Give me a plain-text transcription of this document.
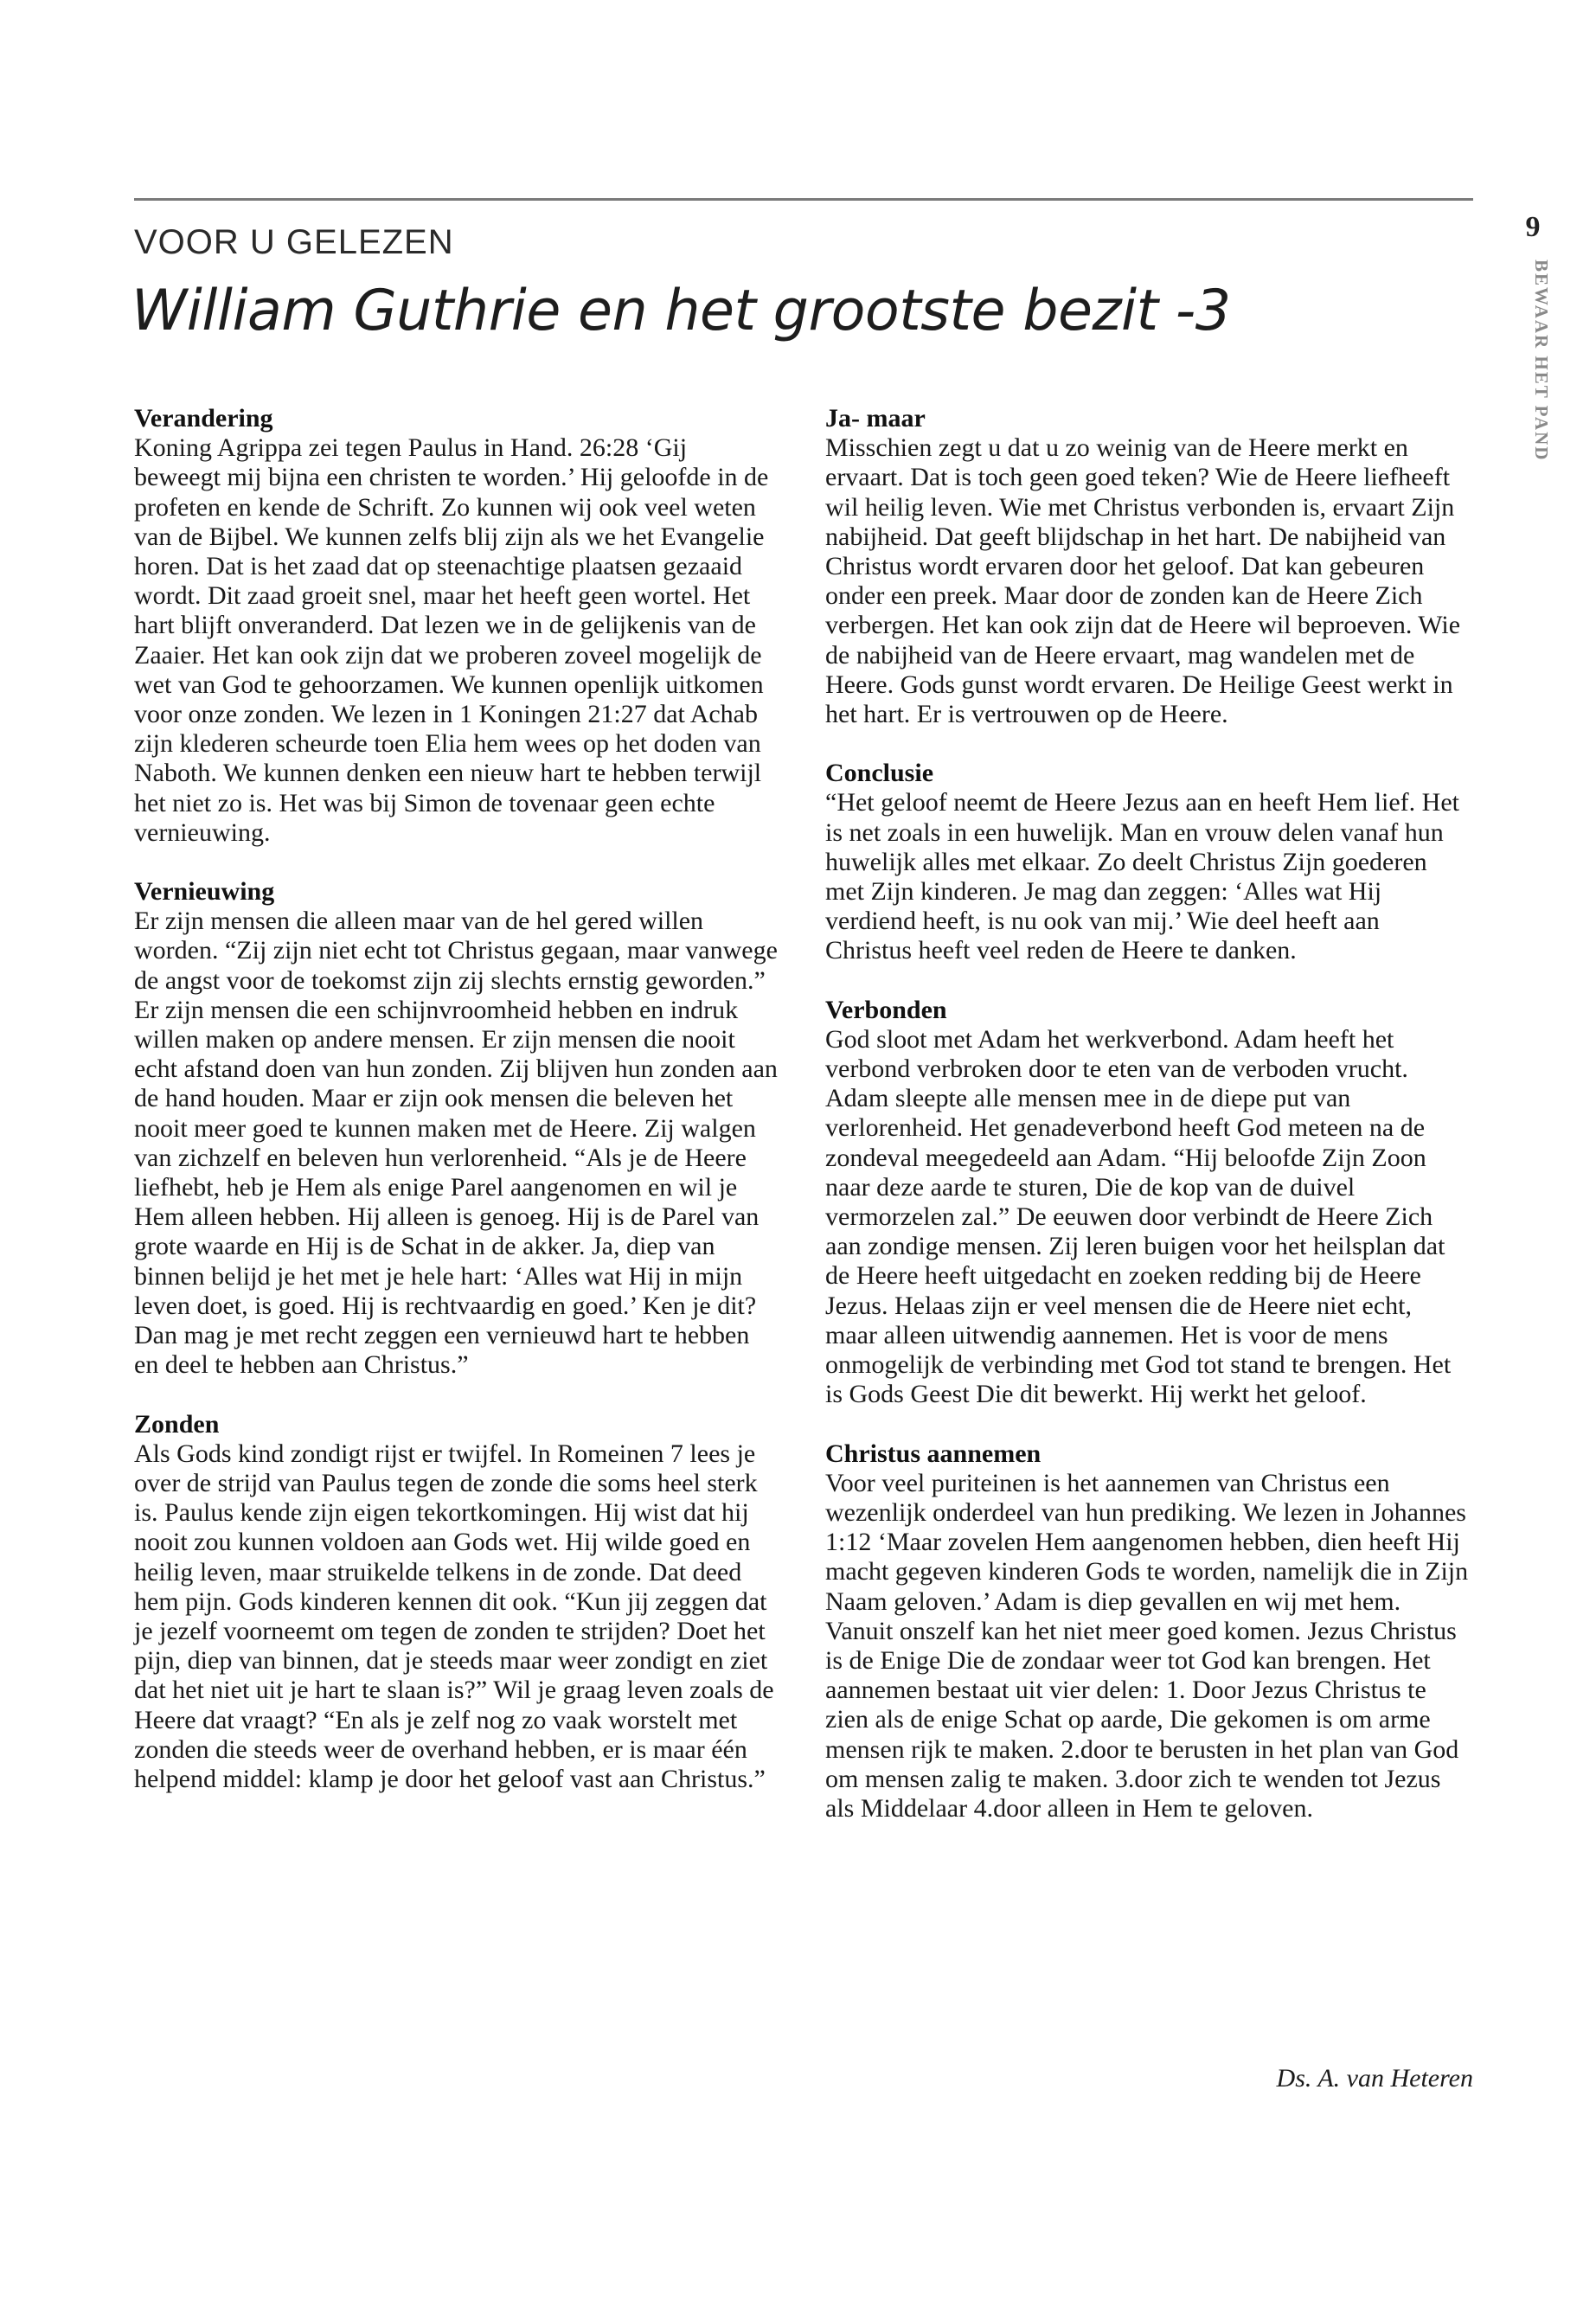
9
BEWAAR HET PAND
VOOR U GELEZEN
William Guthrie en het grootste bezit -3
Verandering

Koning Agrippa zei tegen Paulus in Hand. 26:28 ‘Gij beweegt mij bijna een christen te worden.’ Hij geloofde in de profeten en kende de Schrift. Zo kunnen wij ook veel weten van de Bijbel. We kunnen zelfs blij zijn als we het Evangelie horen. Dat is het zaad dat op steenachtige plaatsen gezaaid wordt. Dit zaad groeit snel, maar het heeft geen wortel. Het hart blijft onveranderd. Dat lezen we in de gelijkenis van de Zaaier. Het kan ook zijn dat we proberen zoveel mogelijk de wet van God te gehoorzamen. We kunnen openlijk uitkomen voor onze zonden. We lezen in 1 Koningen 21:27 dat Achab zijn klederen scheurde toen Elia hem wees op het doden van Naboth. We kunnen denken een nieuw hart te hebben terwijl het niet zo is. Het was bij Simon de tovenaar geen echte vernieuwing.

Vernieuwing

Er zijn mensen die alleen maar van de hel gered willen worden. “Zij zijn niet echt tot Christus gegaan, maar vanwege de angst voor de toekomst zijn zij slechts ernstig geworden.” Er zijn mensen die een schijnvroomheid hebben en indruk willen maken op andere mensen. Er zijn mensen die nooit echt afstand doen van hun zonden. Zij blijven hun zonden aan de hand houden. Maar er zijn ook mensen die beleven het nooit meer goed te kunnen maken met de Heere. Zij walgen van zichzelf en beleven hun verlorenheid. “Als je de Heere liefhebt, heb je Hem als enige Parel aangenomen en wil je Hem alleen hebben. Hij alleen is genoeg. Hij is de Parel van grote waarde en Hij is de Schat in de akker. Ja, diep van binnen belijd je het met je hele hart: ‘Alles wat Hij in mijn leven doet, is goed. Hij is rechtvaardig en goed.’ Ken je dit? Dan mag je met recht zeggen een vernieuwd hart te hebben en deel te hebben aan Christus.”

Zonden

Als Gods kind zondigt rijst er twijfel. In Romeinen 7 lees je over de strijd van Paulus tegen de zonde die soms heel sterk is. Paulus kende zijn eigen tekortkomingen. Hij wist dat hij nooit zou kunnen voldoen aan Gods wet. Hij wilde goed en heilig leven, maar struikelde telkens in de zonde. Dat deed hem pijn. Gods kinderen kennen dit ook. “Kun jij zeggen dat je jezelf voorneemt om tegen de zonden te strijden? Doet het pijn, diep van binnen, dat je steeds maar weer zondigt en ziet dat het niet uit je hart te slaan is?” Wil je graag leven zoals de Heere dat vraagt? “En als je zelf nog zo vaak worstelt met zonden die steeds weer de overhand hebben, er is maar één helpend middel: klamp je door het geloof vast aan Christus.”

Ja- maar

Misschien zegt u dat u zo weinig van de Heere merkt en ervaart. Dat is toch geen goed teken? Wie de Heere liefheeft wil heilig leven. Wie met Christus verbonden is, ervaart Zijn nabijheid. Dat geeft blijdschap in het hart. De nabijheid van Christus wordt ervaren door het geloof. Dat kan gebeuren onder een preek. Maar door de zonden kan de Heere Zich verbergen. Het kan ook zijn dat de Heere wil beproeven. Wie de nabijheid van de Heere ervaart, mag wandelen met de Heere. Gods gunst wordt ervaren. De Heilige Geest werkt in het hart. Er is vertrouwen op de Heere.

Conclusie

“Het geloof neemt de Heere Jezus aan en heeft Hem lief. Het is net zoals in een huwelijk. Man en vrouw delen vanaf hun huwelijk alles met elkaar. Zo deelt Christus Zijn goederen met Zijn kinderen. Je mag dan zeggen: ‘Alles wat Hij verdiend heeft, is nu ook van mij.’ Wie deel heeft aan Christus heeft veel reden de Heere te danken.

Verbonden

God sloot met Adam het werkverbond. Adam heeft het verbond verbroken door te eten van de verboden vrucht. Adam sleepte alle mensen mee in de diepe put van verlorenheid. Het genadeverbond heeft God meteen na de zondeval meegedeeld aan Adam. “Hij beloofde Zijn Zoon naar deze aarde te sturen, Die de kop van de duivel vermorzelen zal.” De eeuwen door verbindt de Heere Zich aan zondige mensen. Zij leren buigen voor het heilsplan dat de Heere heeft uitgedacht en zoeken redding bij de Heere Jezus. Helaas zijn er veel mensen die de Heere niet echt, maar alleen uitwendig aannemen. Het is voor de mens onmogelijk de verbinding met God tot stand te brengen. Het is Gods Geest Die dit bewerkt. Hij werkt het geloof.

Christus aannemen

Voor veel puriteinen is het aannemen van Christus een wezenlijk onderdeel van hun prediking. We lezen in Johannes 1:12 ‘Maar zovelen Hem aangenomen hebben, dien heeft Hij macht gegeven kinderen Gods te worden, namelijk die in Zijn Naam geloven.’ Adam is diep gevallen en wij met hem. Vanuit onszelf kan het niet meer goed komen. Jezus Christus is de Enige Die de zondaar weer tot God kan brengen. Het aannemen bestaat uit vier delen: 1. Door Jezus Christus te zien als de enige Schat op aarde, Die gekomen is om arme mensen rijk te maken. 2.door te berusten in het plan van God om mensen zalig te maken. 3.door zich te wenden tot Jezus als Middelaar 4.door alleen in Hem te geloven.

Ds. A. van Heteren
